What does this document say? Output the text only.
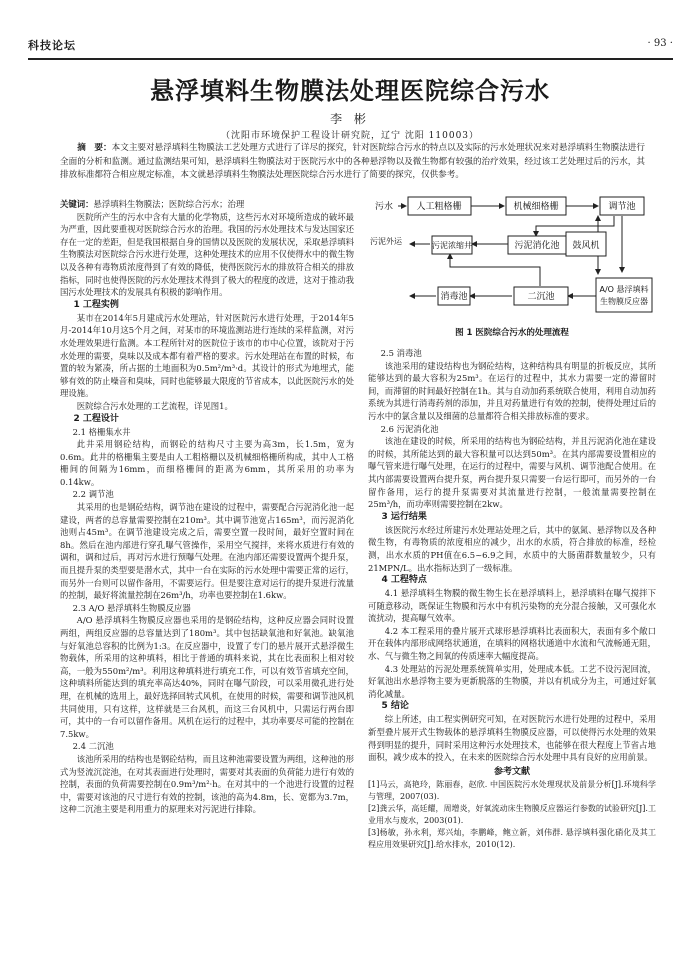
科技论坛	· 93 ·
悬浮填料生物膜法处理医院综合污水
李 彬
（沈阳市环境保护工程设计研究院，辽宁 沈阳 110003）
摘　要：本文主要对悬浮填料生物膜法工艺处理方式进行了详尽的探究，针对医院综合污水的特点以及实际的污水处理状况来对悬浮填料生物膜法进行全面的分析和监测。通过监测结果可知，悬浮填料生物膜法对于医院污水中的各种悬浮物以及微生物都有较强的治疗效果，经过该工艺处理过后的污水，其排放标准都符合相应规定标准，本文就悬浮填料生物膜法处理医院综合污水进行了简要的探究，仅供参考。

关键词：悬浮填料生物膜法；医院综合污水；治理

医院所产生的污水中含有大量的化学物质，这些污水对环境所造成的破坏最为严重，因此要重视对医院综合污水的治理。我国的污水处理技术与发达国家还存在一定的差距，但是我国根据自身的国情以及医院的发展状况，采取悬浮填料生物膜法对医院综合污水进行处理，这种处理技术的应用不仅使得水中的微生物以及各种有毒物质浓度得到了有效的降低，使得医院污水的排放符合相关的排放指标，同时也使得医院的污水处理技术得到了极大的程度的改进，这对于推动我国污水处理技术的发展具有积极的影响作用。

1 工程实例

某市在2014年5月建成污水处理站，针对医院污水进行处理，于2014年5月-2014年10月这5个月之间，对某市的环境监测站进行连续的采样监测，对污水处理效果进行监测。本工程所针对的医院位于该市的市中心位置，该院对于污水处理的需要，臭味以及成本都有着严格的要求。污水处理站在布置的时候，布置的较为紧凑，所占据的土地面积为0.5m²/m³·d。其设计的形式为地埋式，能够有效的防止噪音和臭味，同时也能够最大限度的节省成本，以此医院污水的处理设施。

医院综合污水处理的工艺流程，详见图1。

2 工程设计
2.1 格栅集水井

此井采用钢砼结构，而钢砼的结构尺寸主要为高3m，长1.5m，宽为0.6m。此井的格栅集主要是由人工粗格栅以及机械细格栅所构成，其中人工格栅间的间隔为16mm，而细格栅间的距离为6mm，其所采用的功率为0.14kw。

2.2 调节池

其采用的也是钢砼结构，调节池在建设的过程中，需要配合污泥消化池一起建设，两者的总容量需要控制在210m³。其中调节池宽占165m³，而污泥消化池则占45m³。在调节池建设完成之后，需要空置一段时间，最好空置时间在8h。然后在池内部进行穿孔曝气管操作，采用空气搅拌，来将水质进行有效的调和，调和过后，再对污水进行预曝气处理。在池内部还需要设置两个提升泵，而且提升泵的类型要是潜水式，其中一台在实际的污水处理中需要正常的运行，而另外一台则可以留作备用，不需要运行。但是要注意对运行的提升泵进行流量的控制，最好将流量控制在26m³/h，功率也要控制在1.6kw。

2.3 A/O 悬浮填料生物膜反应器

A/O 悬浮填料生物膜反应器也采用的是钢砼结构，这种反应器会同时设置两组，两组反应器的总容量达到了180m³。其中包括缺氧池和好氧池。缺氧池与好氧池总容积的比例为1:3。在反应器中，设置了专门的悬片展开式悬浮微生物载体，所采用的这种填料，相比于普通的填料来说，其在比表面积上相对较高，一般为550m²/m³。利用这种填料进行填充工作，可以有效节省填充空间，这种填料所能达到的填充率高达40%，同时在曝气阶段，可以采用微孔进行处理，在机械的选用上，最好选择回转式风机，在使用的时候，需要和调节池风机共同使用，只有这样，这样就是三台风机，而这三台风机中，只需运行两台即可，其中的一台可以留作备用。风机在运行的过程中，其功率要尽可能的控制在7.5kw。

2.4 二沉池

该池所采用的结构也是钢砼结构，而且这种池需要设置为两组，这种池的形式为竖流沉淀池，在对其表面进行处理时，需要对其表面的负荷能力进行有效的控制，表面的负荷需要控制在0.9m³/m²·h。在对其中的一个池进行设置的过程中，需要对该池的尺寸进行有效的控制，该池的高为4.8m，长、宽都为3.7m，这种二沉池主要是利用重力的原理来对污泥进行排除。

污水	人工粗格栅	机械细格栅	调节池
污泥外运	污泥浓缩井	污泥消化池 鼓风机
A/O 悬浮填料
生物膜反应器
二沉池
消毒池
图 1 医院综合污水的处理流程
2.5 消毒池

该池采用的建设结构也为钢砼结构，这种结构具有明显的折板反应，其所能够达到的最大容积为25m³。在运行的过程中，其水力需要一定的滞留时间，而滞留的时间最好控制在1h。其与自动加药系统联合使用，利用自动加药系统为其进行消毒药剂的添加，并且对药量进行有效的控制，使得处理过后的污水中的氯含量以及细菌的总量都符合相关排放标准的要求。

2.6 污泥消化池

该池在建设的时候，所采用的结构也为钢砼结构，并且污泥消化池在建设的时候，其所能达到的最大容积量可以达到50m³。在其内部需要设置相应的曝气管来进行曝气处理，在运行的过程中，需要与风机、调节池配合使用。在其内部需要设置两台提升泵，两台提升泵只需要一台运行即可，而另外的一台留作备用，运行的提升泵需要对其流量进行控制，一般流量需要控制在25m³/h，而功率则需要控制在2kw。

3 运行结果

该医院污水经过所建污水处理站处理之后，其中的氨氮、悬浮物以及各种微生物，有毒物质的浓度相应的减少，出水的水质，符合排放的标准，经检测，出水水质的PH值在6.5~6.9之间，水质中的大肠菌群数量较少，只有21MPN/L。出水指标达到了一级标准。

4 工程特点

4.1 悬浮填料生物膜的微生物生长在悬浮填料上，悬浮填料在曝气搅拌下可随意移动，既保证生物膜和污水中有机污染物的充分混合接触，又可强化水流扰动，提高曝气效率。

4.2 本工程采用的叠片展开式球形悬浮填料比表面积大，表面有多个敞口开在载体内部形成网络状通道，在填料的网格状通道中水流和气流畅通无阻，水、气与微生物之间氧的传质速率大幅度提高。

4.3 处理站的污泥处理系统简单实用，处理成本低。工艺不设污泥回流，好氧池出水悬浮物主要为更新脱落的生物膜，并以有机成分为主，可通过好氧消化减量。

5 结论

综上所述，由工程实例研究可知，在对医院污水进行处理的过程中，采用新型叠片展开式生物载体的悬浮填料生物膜反应器，可以使得污水处理的效果得到明显的提升，同时采用这种污水处理技术，也能够在很大程度上节省占地面积，减少成本的投入，在未来的医院综合污水处理中具有良好的应用前景。

参考文献
[1]马云，高艳玲，陈丽春，赵欣. 中国医院污水处理现状及前景分析[J].环境科学与管理，2007(03).
[2]龚云华，高廷耀，周增炎，好氧流动床生物膜反应器运行参数的试验研究[J].工业用水与废水，2003(01).
[3]杨敏，孙永利，郑兴灿，李鹏峰，鲍立新，刘伟群. 悬浮填料强化硝化及其工程应用效果研究[J].给水排水，2010(12).
